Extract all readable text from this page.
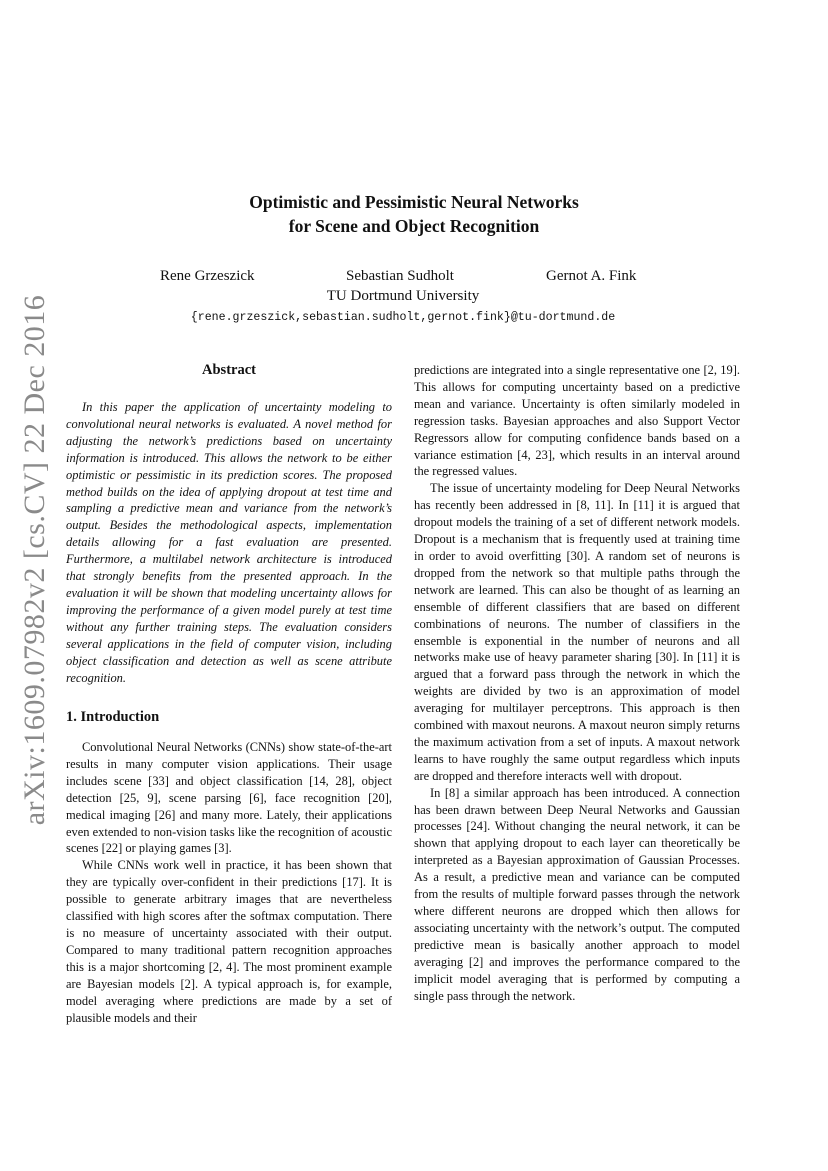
arXiv:1609.07982v2 [cs.CV] 22 Dec 2016
Optimistic and Pessimistic Neural Networks
for Scene and Object Recognition
Rene Grzeszick	Sebastian Sudholt	Gernot A. Fink
TU Dortmund University
{rene.grzeszick,sebastian.sudholt,gernot.fink}@tu-dortmund.de
Abstract

In this paper the application of uncertainty modeling to convolutional neural networks is evaluated. A novel method for adjusting the network’s predictions based on uncertainty information is introduced. This allows the network to be either optimistic or pessimistic in its prediction scores. The proposed method builds on the idea of applying dropout at test time and sampling a predictive mean and variance from the network’s output. Besides the methodological aspects, implementation details allowing for a fast evaluation are presented. Furthermore, a multilabel network architecture is introduced that strongly benefits from the presented approach. In the evaluation it will be shown that modeling uncertainty allows for improving the performance of a given model purely at test time without any further training steps. The evaluation considers several applications in the field of computer vision, including object classification and detection as well as scene attribute recognition.

1. Introduction

Convolutional Neural Networks (CNNs) show state-of-the-art results in many computer vision applications. Their usage includes scene [33] and object classification [14, 28], object detection [25, 9], scene parsing [6], face recognition [20], medical imaging [26] and many more. Lately, their applications even extended to non-vision tasks like the recognition of acoustic scenes [22] or playing games [3].

While CNNs work well in practice, it has been shown that they are typically over-confident in their predictions [17]. It is possible to generate arbitrary images that are nevertheless classified with high scores after the softmax computation. There is no measure of uncertainty associated with their output. Compared to many traditional pattern recognition approaches this is a major shortcoming [2, 4]. The most prominent example are Bayesian models [2]. A typical approach is, for example, model averaging where predictions are made by a set of plausible models and their

predictions are integrated into a single representative one [2, 19]. This allows for computing uncertainty based on a predictive mean and variance. Uncertainty is often similarly modeled in regression tasks. Bayesian approaches and also Support Vector Regressors allow for computing confidence bands based on a variance estimation [4, 23], which results in an interval around the regressed values.

The issue of uncertainty modeling for Deep Neural Networks has recently been addressed in [8, 11]. In [11] it is argued that dropout models the training of a set of different network models. Dropout is a mechanism that is frequently used at training time in order to avoid overfitting [30]. A random set of neurons is dropped from the network so that multiple paths through the network are learned. This can also be thought of as learning an ensemble of different classifiers that are based on different combinations of neurons. The number of classifiers in the ensemble is exponential in the number of neurons and all networks make use of heavy parameter sharing [30]. In [11] it is argued that a forward pass through the network in which the weights are divided by two is an approximation of model averaging for multilayer perceptrons. This approach is then combined with maxout neurons. A maxout neuron simply returns the maximum activation from a set of inputs. A maxout network learns to have roughly the same output regardless which inputs are dropped and therefore interacts well with dropout.

In [8] a similar approach has been introduced. A connection has been drawn between Deep Neural Networks and Gaussian processes [24]. Without changing the neural network, it can be shown that applying dropout to each layer can theoretically be interpreted as a Bayesian approximation of Gaussian Processes. As a result, a predictive mean and variance can be computed from the results of multiple forward passes through the network where different neurons are dropped which then allows for associating uncertainty with the network’s output. The computed predictive mean is basically another approach to model averaging [2] and improves the performance compared to the implicit model averaging that is performed by computing a single pass through the network.
